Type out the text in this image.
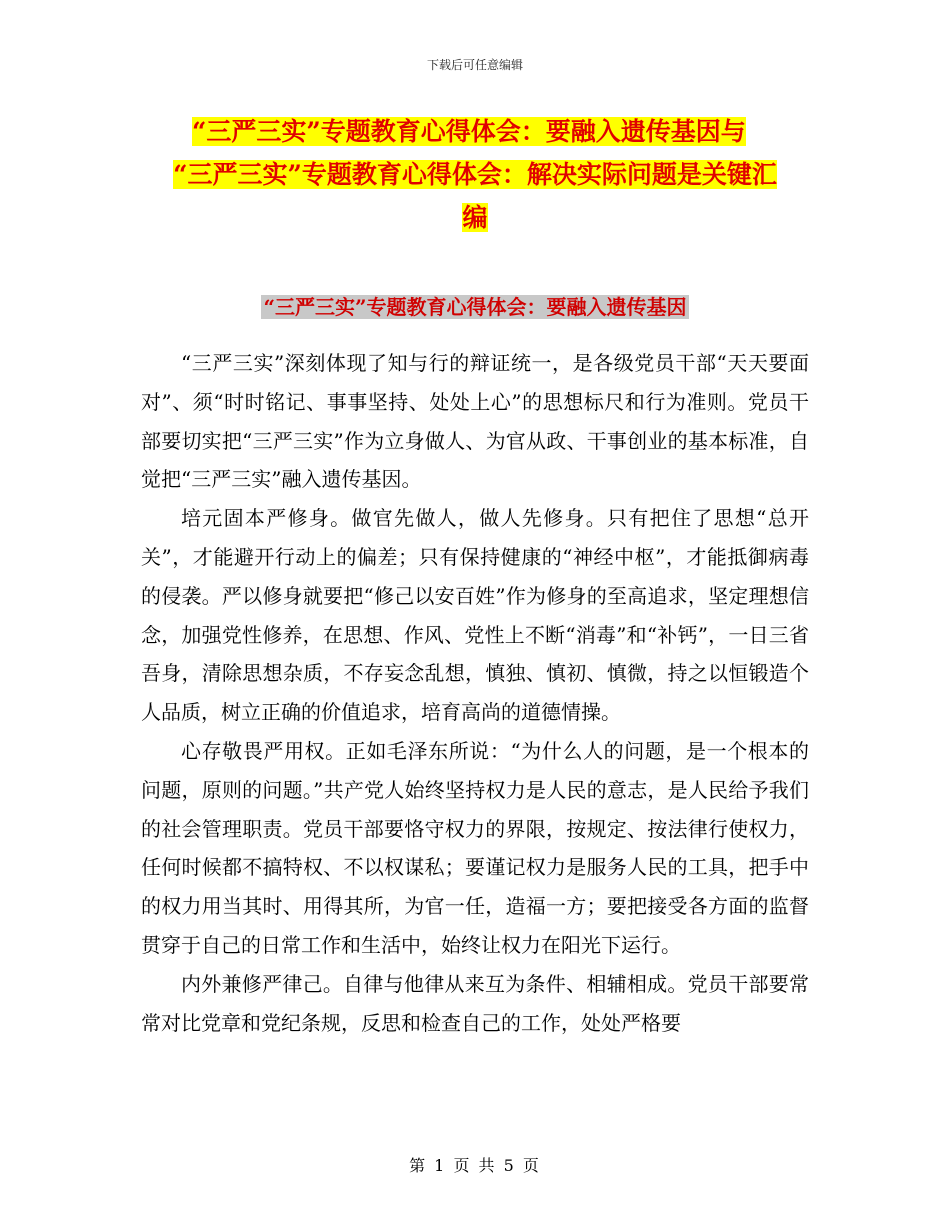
下载后可任意编辑
“三严三实”专题教育心得体会：要融入遗传基因与
“三严三实”专题教育心得体会：解决实际问题是关键汇
编
“三严三实”专题教育心得体会：要融入遗传基因

“三严三实”深刻体现了知与行的辩证统一，是各级党员干部“天天要面对”、须“时时铭记、事事坚持、处处上心”的思想标尺和行为准则。党员干部要切实把“三严三实”作为立身做人、为官从政、干事创业的基本标准，自觉把“三严三实”融入遗传基因。

培元固本严修身。做官先做人，做人先修身。只有把住了思想“总开关”，才能避开行动上的偏差；只有保持健康的“神经中枢”，才能抵御病毒的侵袭。严以修身就要把“修己以安百姓”作为修身的至高追求，坚定理想信念，加强党性修养，在思想、作风、党性上不断“消毒”和“补钙”，一日三省吾身，清除思想杂质，不存妄念乱想，慎独、慎初、慎微，持之以恒锻造个人品质，树立正确的价值追求，培育高尚的道德情操。

心存敬畏严用权。正如毛泽东所说：“为什么人的问题，是一个根本的问题，原则的问题。”共产党人始终坚持权力是人民的意志，是人民给予我们的社会管理职责。党员干部要恪守权力的界限，按规定、按法律行使权力，任何时候都不搞特权、不以权谋私；要谨记权力是服务人民的工具，把手中的权力用当其时、用得其所，为官一任，造福一方；要把接受各方面的监督贯穿于自己的日常工作和生活中，始终让权力在阳光下运行。

内外兼修严律己。自律与他律从来互为条件、相辅相成。党员干部要常常对比党章和党纪条规，反思和检查自己的工作，处处严格要

第 1 页 共 5 页
